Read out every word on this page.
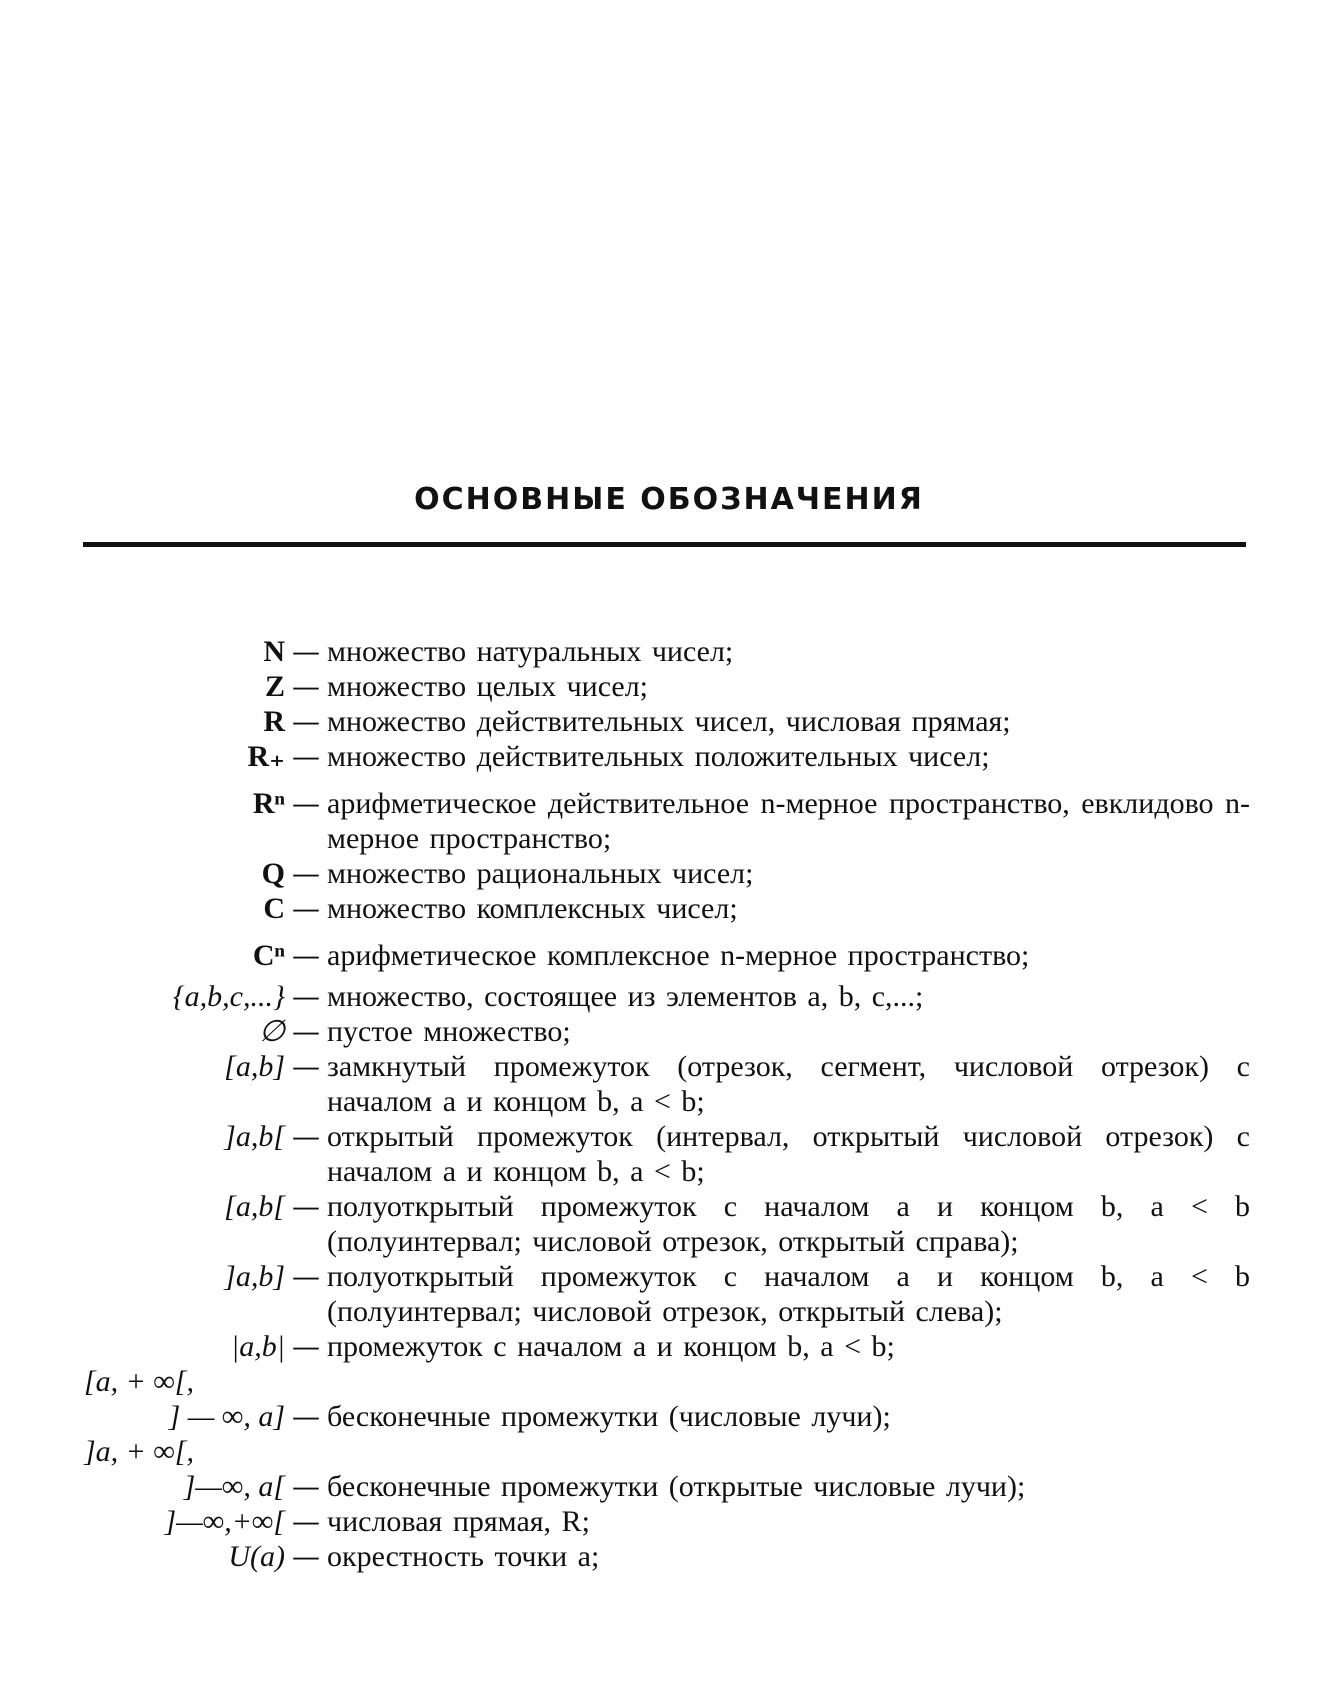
ОСНОВНЫЕ ОБОЗНАЧЕНИЯ
N — множество натуральных чисел;
Z — множество целых чисел;
R — множество действительных чисел, числовая прямая;
R₊ — множество действительных положительных чисел;
Rⁿ — арифметическое действительное n-мерное пространство, евклидово n-мерное пространство;
Q — множество рациональных чисел;
C — множество комплексных чисел;
Cⁿ — арифметическое комплексное n-мерное пространство;
{a,b,c,...} — множество, состоящее из элементов a, b, c,...;
∅ — пустое множество;
[a,b] — замкнутый промежуток (отрезок, сегмент, числовой отрезок) с началом a и концом b, a < b;
]a,b[ — открытый промежуток (интервал, открытый числовой отрезок) с началом a и концом b, a < b;
[a,b[ — полуоткрытый промежуток с началом a и концом b, a < b (полуинтервал; числовой отрезок, открытый справа);
]a,b] — полуоткрытый промежуток с началом a и концом b, a < b (полуинтервал; числовой отрезок, открытый слева);
|a,b| — промежуток с началом a и концом b, a < b;
[a, + ∞[,
] — ∞, a] — бесконечные промежутки (числовые лучи);
]a, + ∞[,
]—∞, a[ — бесконечные промежутки (открытые числовые лучи);
]—∞,+∞[ — числовая прямая, R;
U(a) — окрестность точки a;
